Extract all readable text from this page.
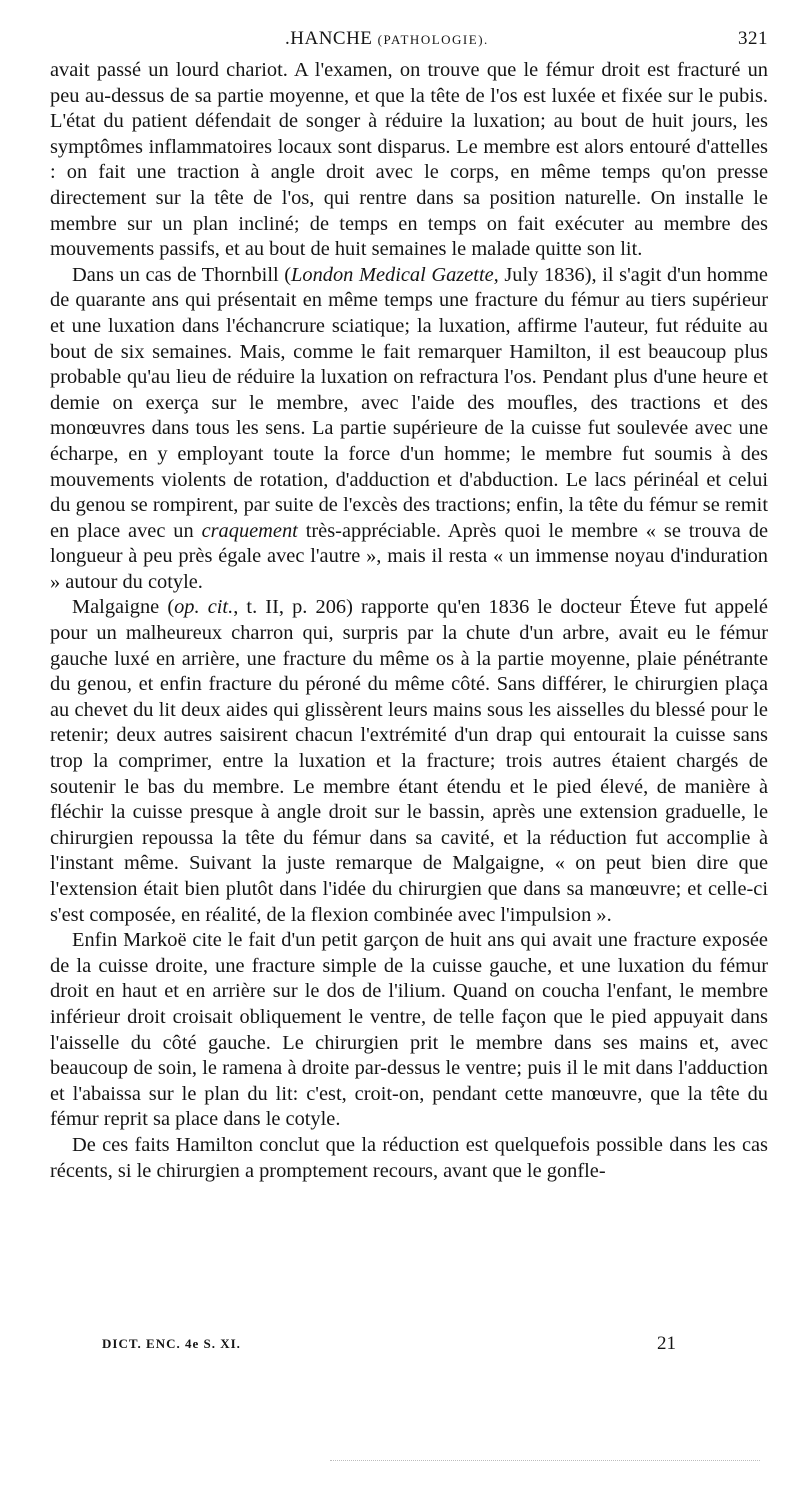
.HANCHE (PATHOLOGIE).	321

avait passé un lourd chariot. A l'examen, on trouve que le fémur droit est fracturé un peu au-dessus de sa partie moyenne, et que la tête de l'os est luxée et fixée sur le pubis. L'état du patient défendait de songer à réduire la luxation; au bout de huit jours, les symptômes inflammatoires locaux sont disparus. Le membre est alors entouré d'attelles : on fait une traction à angle droit avec le corps, en même temps qu'on presse directement sur la tête de l'os, qui rentre dans sa position naturelle. On installe le membre sur un plan incliné; de temps en temps on fait exécuter au membre des mouvements passifs, et au bout de huit semaines le malade quitte son lit.

Dans un cas de Thornbill (London Medical Gazette, July 1836), il s'agit d'un homme de quarante ans qui présentait en même temps une fracture du fémur au tiers supérieur et une luxation dans l'échancrure sciatique; la luxation, affirme l'auteur, fut réduite au bout de six semaines. Mais, comme le fait remarquer Hamilton, il est beaucoup plus probable qu'au lieu de réduire la luxation on refractura l'os. Pendant plus d'une heure et demie on exerça sur le membre, avec l'aide des moufles, des tractions et des monœuvres dans tous les sens. La partie supérieure de la cuisse fut soulevée avec une écharpe, en y employant toute la force d'un homme; le membre fut soumis à des mouvements violents de rotation, d'adduction et d'abduction. Le lacs périnéal et celui du genou se rompirent, par suite de l'excès des tractions; enfin, la tête du fémur se remit en place avec un craquement très-appréciable. Après quoi le membre « se trouva de longueur à peu près égale avec l'autre », mais il resta « un immense noyau d'induration » autour du cotyle.

Malgaigne (op. cit., t. II, p. 206) rapporte qu'en 1836 le docteur Éteve fut appelé pour un malheureux charron qui, surpris par la chute d'un arbre, avait eu le fémur gauche luxé en arrière, une fracture du même os à la partie moyenne, plaie pénétrante du genou, et enfin fracture du péroné du même côté. Sans différer, le chirurgien plaça au chevet du lit deux aides qui glissèrent leurs mains sous les aisselles du blessé pour le retenir; deux autres saisirent chacun l'extrémité d'un drap qui entourait la cuisse sans trop la comprimer, entre la luxation et la fracture; trois autres étaient chargés de soutenir le bas du membre. Le membre étant étendu et le pied élevé, de manière à fléchir la cuisse presque à angle droit sur le bassin, après une extension graduelle, le chirurgien repoussa la tête du fémur dans sa cavité, et la réduction fut accomplie à l'instant même. Suivant la juste remarque de Malgaigne, « on peut bien dire que l'extension était bien plutôt dans l'idée du chirurgien que dans sa manœuvre; et celle-ci s'est composée, en réalité, de la flexion combinée avec l'impulsion ».

Enfin Markoë cite le fait d'un petit garçon de huit ans qui avait une fracture exposée de la cuisse droite, une fracture simple de la cuisse gauche, et une luxation du fémur droit en haut et en arrière sur le dos de l'ilium. Quand on coucha l'enfant, le membre inférieur droit croisait obliquement le ventre, de telle façon que le pied appuyait dans l'aisselle du côté gauche. Le chirurgien prit le membre dans ses mains et, avec beaucoup de soin, le ramena à droite par-dessus le ventre; puis il le mit dans l'adduction et l'abaissa sur le plan du lit: c'est, croit-on, pendant cette manœuvre, que la tête du fémur reprit sa place dans le cotyle.

De ces faits Hamilton conclut que la réduction est quelquefois possible dans les cas récents, si le chirurgien a promptement recours, avant que le gonfle-

DICT. ENC. 4e S. XI.	21
